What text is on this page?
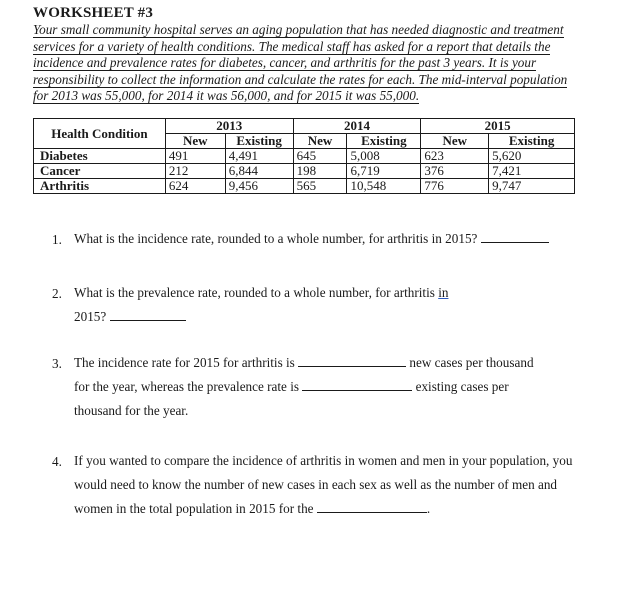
WORKSHEET #3
Your small community hospital serves an aging population that has needed diagnostic and treatment services for a variety of health conditions. The medical staff has asked for a report that details the incidence and prevalence rates for diabetes, cancer, and arthritis for the past 3 years. It is your responsibility to collect the information and calculate the rates for each. The mid-interval population for 2013 was 55,000, for 2014 it was 56,000, and for 2015 it was 55,000.
Health Condition	2013		2014		2015	
	New	Existing	New	Existing	New	Existing
Diabetes	491	4,491	645	5,008	623	5,620
Cancer	212	6,844	198	6,719	376	7,421
Arthritis	624	9,456	565	10,548	776	9,747
1. What is the incidence rate, rounded to a whole number, for arthritis in 2015?
2. What is the prevalence rate, rounded to a whole number, for arthritis in
2015?
3. The incidence rate for 2015 for arthritis is	new cases per thousand
for the year, whereas the prevalence rate is	existing cases per
thousand for the year.
4. If you wanted to compare the incidence of arthritis in women and men in your population, you would need to know the number of new cases in each sex as well as the number of men and women in the total population in 2015 for the	.
